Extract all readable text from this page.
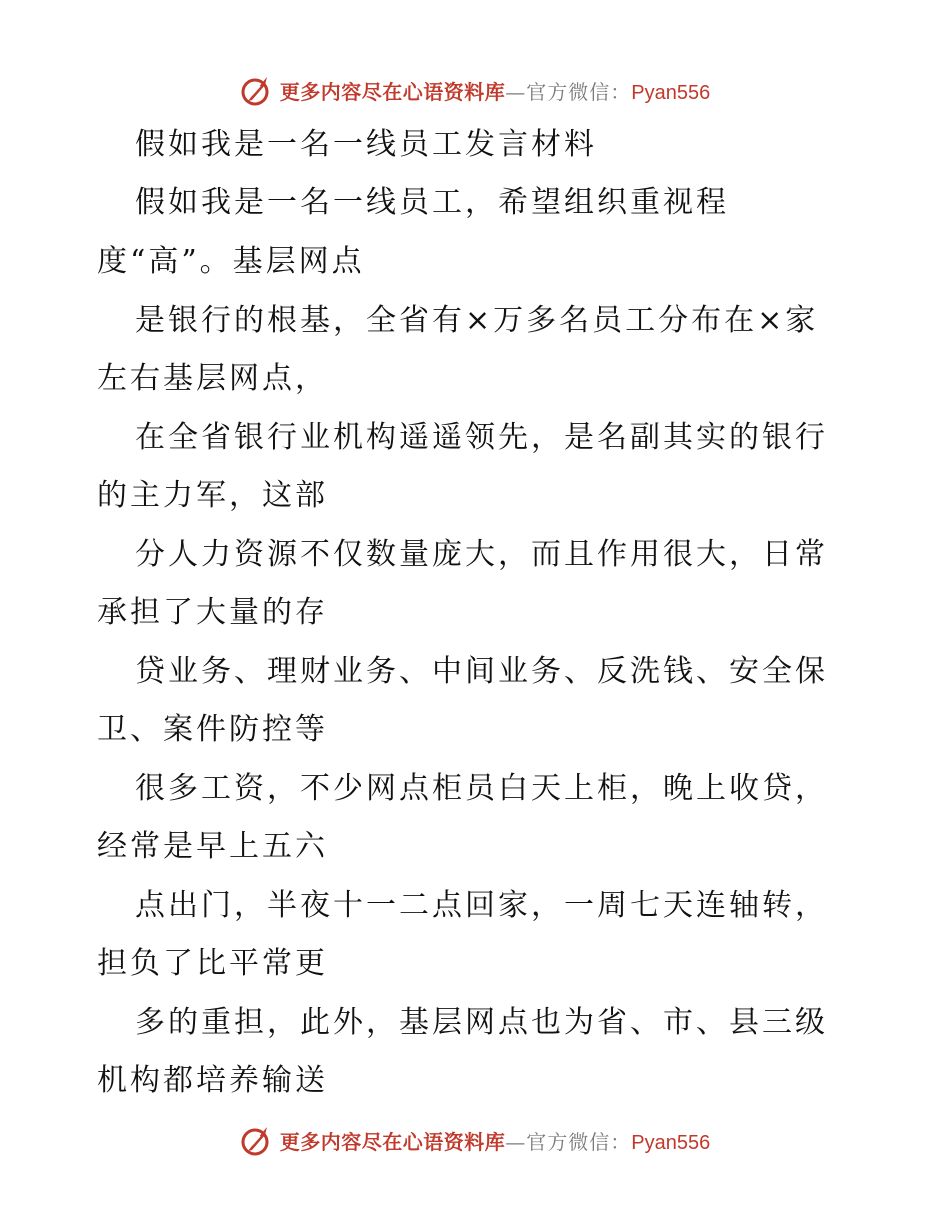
更多内容尽在心语资料库 —官方微信： Pyan556
假如我是一名一线员工发言材料
假如我是一名一线员工，希望组织重视程
度“高”。基层网点
是银行的根基，全省有×万多名员工分布在×家
左右基层网点，
在全省银行业机构遥遥领先，是名副其实的银行
的主力军，这部
分人力资源不仅数量庞大，而且作用很大，日常
承担了大量的存
贷业务、理财业务、中间业务、反洗钱、安全保
卫、案件防控等
很多工资，不少网点柜员白天上柜，晚上收贷，
经常是早上五六
点出门，半夜十一二点回家，一周七天连轴转，
担负了比平常更
多的重担，此外，基层网点也为省、市、县三级
机构都培养输送
更多内容尽在心语资料库 —官方微信： Pyan556
